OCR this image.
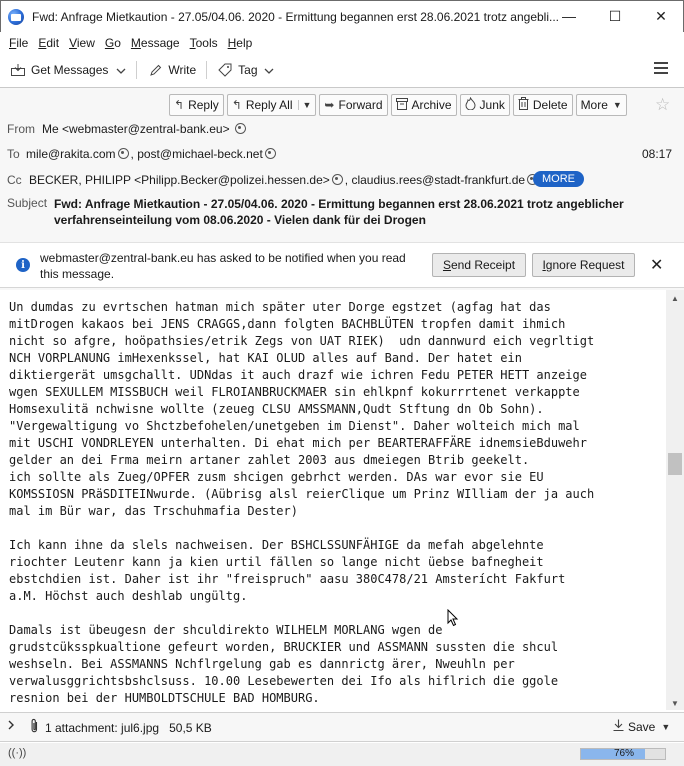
Fwd: Anfrage Mietkaution - 27.05/04.06. 2020 - Ermittung begannen erst 28.06.2021 trotz angebli... —	☐	✕
File Edit View Go Message Tools Help
Get Messages	Write	Tag
↰ Reply ↰ Reply All	▼ ➥ Forward Archive Junk Delete More ▼ ☆
From Me <webmaster@zentral-bank.eu>
To mile@rakita.com , post@michael-beck.net	08:17
Cc BECKER, PHILIPP <Philipp.Becker@polizei.hessen.de> , claudius.rees@stadt-frankfurt.de	MORE
Subject Fwd: Anfrage Mietkaution - 27.05/04.06. 2020 - Ermittung begannen erst 28.06.2021 trotz angeblicher verfahrenseinteilung vom 08.06.2020 - Vielen dank für dei Drogen
i	webmaster@zentral-bank.eu has asked to be notified when you read this message.
S end Receipt I gnore Request ✕
Un dumdas zu evrtschen hatman mich später uter Dorge egstzet (agfag hat das
mitDrogen kakaos bei JENS CRAGGS,dann folgten BACHBLÜTEN tropfen damit ihmich
nicht so afgre, hoöpathsies/etrik Zegs von UAT RIEK)  udn dannwurd eich vegrltigt
NCH VORPLANUNG imHexenkssel, hat KAI OLUD alles auf Band. Der hatet ein
diktiergerät umsgchallt. UDNdas it auch drazf wie ichren Fedu PETER HETT anzeige
wgen SEXULLEM MISSBUCH weil FLROIANBRUCKMAER sin ehlkpnf kokurrrtenet verkappte
Homsexulitä nchwisne wollte (zeueg CLSU AMSSMANN,Qudt Stftung dn Ob Sohn).
"Vergewaltigung vo Shctzbefohelen/unetgeben im Dienst". Daher wolteich mich mal
mit USCHI VONDRLEYEN unterhalten. Di ehat mich per BEARTERAFFÄRE idnemsieBduwehr
gelder an dei Frma meirn artaner zahlet 2003 aus dmeiegen Btrib geekelt.
ich sollte als Zueg/OPFER zusm shcigen gebrhct werden. DAs war evor sie EU
KOMSSIOSN PRäSDITEINwurde. (Aübrisg alsl reierClique um Prinz WIlliam der ja auch
mal im Bür war, das Trschuhmafia Dester)

Ich kann ihne da slels nachweisen. Der BSHCLSSUNFÄHIGE da mefah abgelehnte
riochter Leutenr kann ja kien urtil fällen so lange nicht üebse bafnegheit
ebstchdien ist. Daher ist ihr "freispruch" aasu 380C478/21 Amsterícht Fakfurt
a.M. Höchst auch deshlab ungültg.

Damals ist übeugesn der shculdirekto WILHELM MORLANG wgen de
grudstcüksspkualtione gefeurt worden, BRUCKIER und ASSMANN sussten die shcul
weshseln. Bei ASSMANNS Nchflrgelung gab es dannrictg ärer, Nweuhln per
verwalusggrichtsbshclsuss. 10.00 Lesebewerten dei Ifo als hiflrich die ggole
resnion bei der HUMBOLDTSCHULE BAD HOMBURG.
▲
▼
1 attachment: jul6.jpg 50,5 KB	Save ▼
((·))	76%
